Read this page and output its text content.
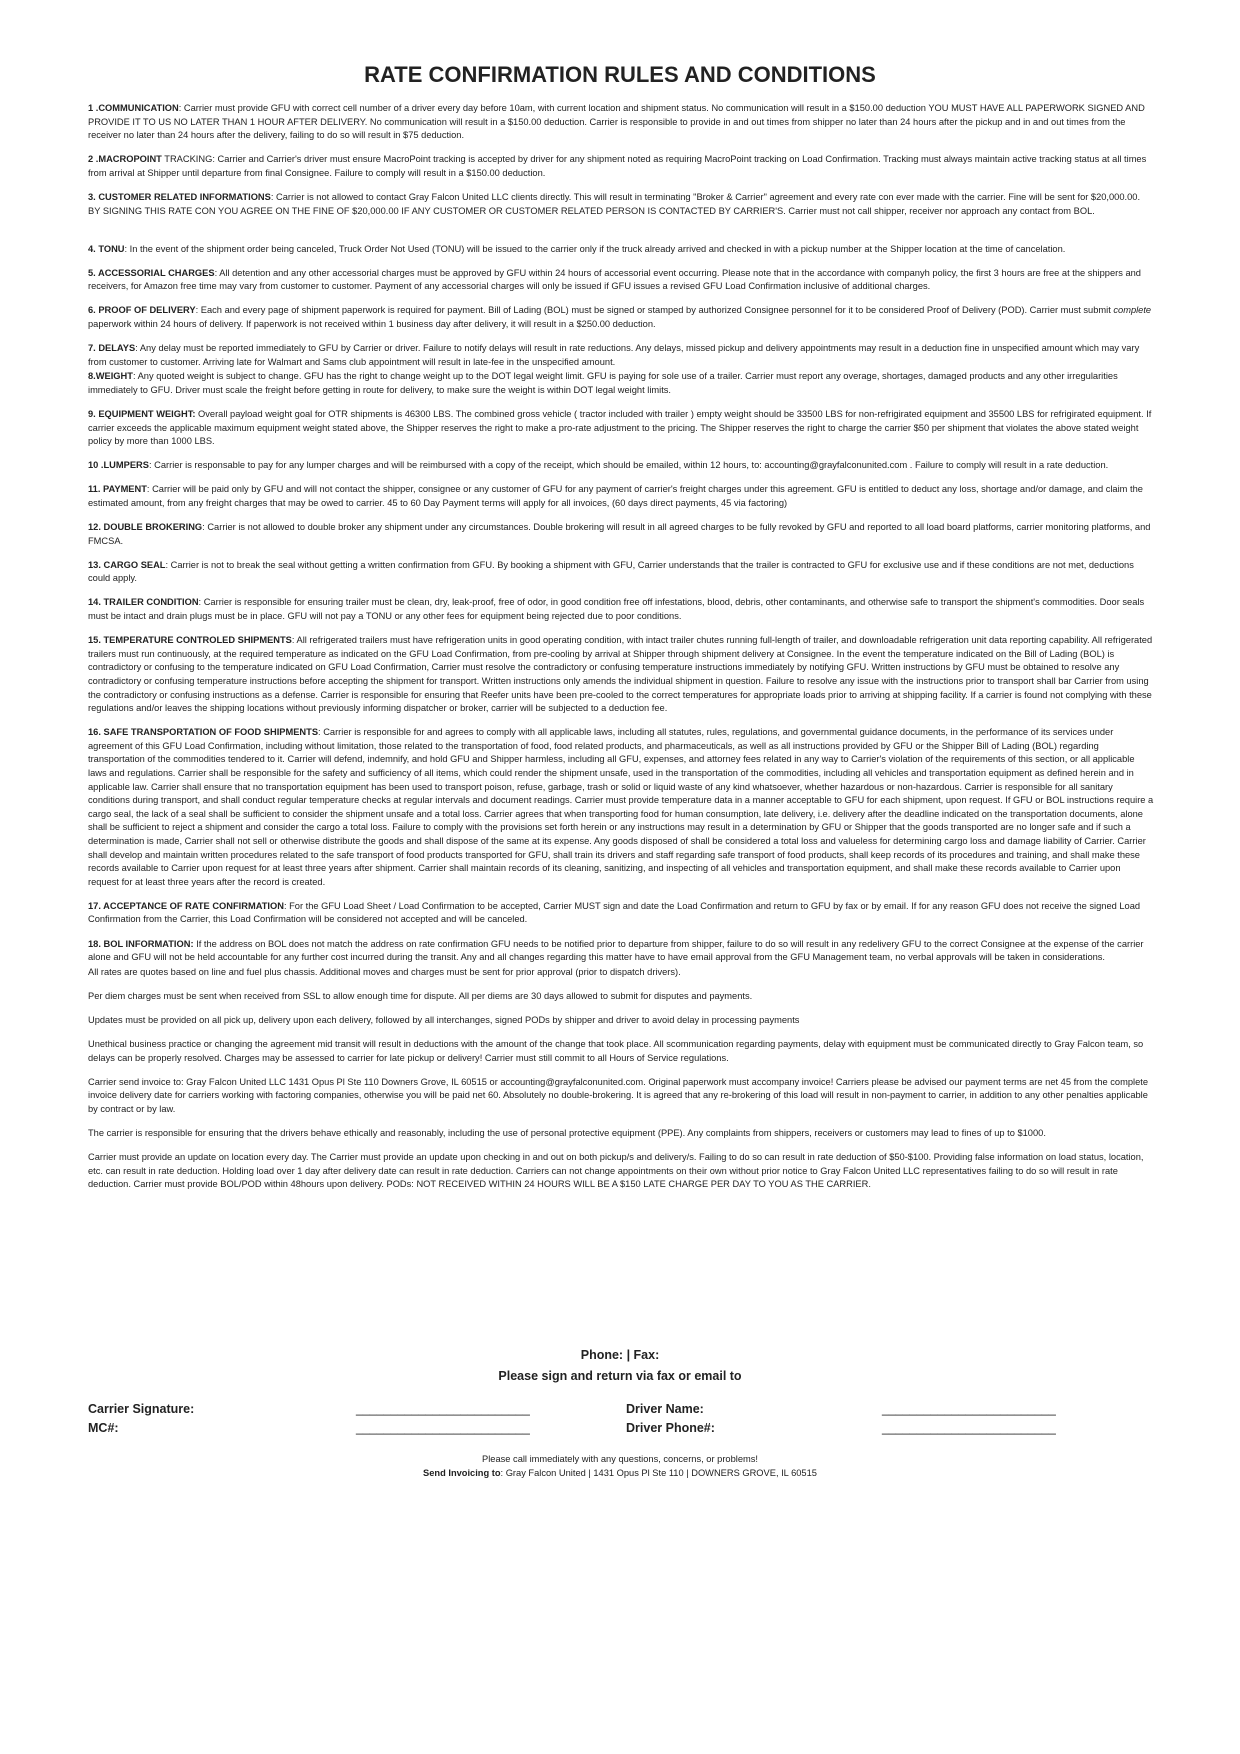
RATE CONFIRMATION RULES AND CONDITIONS

1 .COMMUNICATION: Carrier must provide GFU with correct cell number of a driver every day before 10am, with current location and shipment status. No communication will result in a $150.00 deduction YOU MUST HAVE ALL PAPERWORK SIGNED AND PROVIDE IT TO US NO LATER THAN 1 HOUR AFTER DELIVERY. No communication will result in a $150.00 deduction. Carrier is responsible to provide in and out times from shipper no later than 24 hours after the pickup and in and out times from the receiver no later than 24 hours after the delivery, failing to do so will result in $75 deduction.

2 .MACROPOINT TRACKING: Carrier and Carrier's driver must ensure MacroPoint tracking is accepted by driver for any shipment noted as requiring MacroPoint tracking on Load Confirmation. Tracking must always maintain active tracking status at all times from arrival at Shipper until departure from final Consignee. Failure to comply will result in a $150.00 deduction.

3. CUSTOMER RELATED INFORMATIONS: Carrier is not allowed to contact Gray Falcon United LLC clients directly. This will result in terminating "Broker & Carrier" agreement and every rate con ever made with the carrier. Fine will be sent for $20,000.00. BY SIGNING THIS RATE CON YOU AGREE ON THE FINE OF $20,000.00 IF ANY CUSTOMER OR CUSTOMER RELATED PERSON IS CONTACTED BY CARRIER'S. Carrier must not call shipper, receiver nor approach any contact from BOL.

4. TONU: In the event of the shipment order being canceled, Truck Order Not Used (TONU) will be issued to the carrier only if the truck already arrived and checked in with a pickup number at the Shipper location at the time of cancelation.

5. ACCESSORIAL CHARGES: All detention and any other accessorial charges must be approved by GFU within 24 hours of accessorial event occurring. Please note that in the accordance with companyh policy, the first 3 hours are free at the shippers and receivers, for Amazon free time may vary from customer to customer. Payment of any accessorial charges will only be issued if GFU issues a revised GFU Load Confirmation inclusive of additional charges.

6. PROOF OF DELIVERY: Each and every page of shipment paperwork is required for payment. Bill of Lading (BOL) must be signed or stamped by authorized Consignee personnel for it to be considered Proof of Delivery (POD). Carrier must submit complete paperwork within 24 hours of delivery. If paperwork is not received within 1 business day after delivery, it will result in a $250.00 deduction.

7. DELAYS: Any delay must be reported immediately to GFU by Carrier or driver. Failure to notify delays will result in rate reductions. Any delays, missed pickup and delivery appointments may result in a deduction fine in unspecified amount which may vary from customer to customer. Arriving late for Walmart and Sams club appointment will result in late-fee in the unspecified amount.

8.WEIGHT: Any quoted weight is subject to change. GFU has the right to change weight up to the DOT legal weight limit. GFU is paying for sole use of a trailer. Carrier must report any overage, shortages, damaged products and any other irregularities immediately to GFU. Driver must scale the freight before getting in route for delivery, to make sure the weight is within DOT legal weight limits.

9. EQUIPMENT WEIGHT: Overall payload weight goal for OTR shipments is 46300 LBS. The combined gross vehicle ( tractor included with trailer ) empty weight should be 33500 LBS for non-refrigirated equipment and 35500 LBS for refrigirated equipment. If carrier exceeds the applicable maximum equipment weight stated above, the Shipper reserves the right to make a pro-rate adjustment to the pricing. The Shipper reserves the right to charge the carrier $50 per shipment that violates the above stated weight policy by more than 1000 LBS.

10 .LUMPERS: Carrier is responsable to pay for any lumper charges and will be reimbursed with a copy of the receipt, which should be emailed, within 12 hours, to: accounting@grayfalconunited.com . Failure to comply will result in a rate deduction.

11. PAYMENT: Carrier will be paid only by GFU and will not contact the shipper, consignee or any customer of GFU for any payment of carrier's freight charges under this agreement. GFU is entitled to deduct any loss, shortage and/or damage, and claim the estimated amount, from any freight charges that may be owed to carrier. 45 to 60 Day Payment terms will apply for all invoices, (60 days direct payments, 45 via factoring)

12. DOUBLE BROKERING: Carrier is not allowed to double broker any shipment under any circumstances. Double brokering will result in all agreed charges to be fully revoked by GFU and reported to all load board platforms, carrier monitoring platforms, and FMCSA.

13. CARGO SEAL: Carrier is not to break the seal without getting a written confirmation from GFU. By booking a shipment with GFU, Carrier understands that the trailer is contracted to GFU for exclusive use and if these conditions are not met, deductions could apply.

14. TRAILER CONDITION: Carrier is responsible for ensuring trailer must be clean, dry, leak-proof, free of odor, in good condition free off infestations, blood, debris, other contaminants, and otherwise safe to transport the shipment's commodities. Door seals must be intact and drain plugs must be in place. GFU will not pay a TONU or any other fees for equipment being rejected due to poor conditions.

15. TEMPERATURE CONTROLED SHIPMENTS: All refrigerated trailers must have refrigeration units in good operating condition, with intact trailer chutes running full-length of trailer, and downloadable refrigeration unit data reporting capability. All refrigerated trailers must run continuously, at the required temperature as indicated on the GFU Load Confirmation, from pre-cooling by arrival at Shipper through shipment delivery at Consignee. In the event the temperature indicated on the Bill of Lading (BOL) is contradictory or confusing to the temperature indicated on GFU Load Confirmation, Carrier must resolve the contradictory or confusing temperature instructions immediately by notifying GFU. Written instructions by GFU must be obtained to resolve any contradictory or confusing temperature instructions before accepting the shipment for transport. Written instructions only amends the individual shipment in question. Failure to resolve any issue with the instructions prior to transport shall bar Carrier from using the contradictory or confusing instructions as a defense. Carrier is responsible for ensuring that Reefer units have been pre-cooled to the correct temperatures for appropriate loads prior to arriving at shipping facility. If a carrier is found not complying with these regulations and/or leaves the shipping locations without previously informing dispatcher or broker, carrier will be subjected to a deduction fee.

16. SAFE TRANSPORTATION OF FOOD SHIPMENTS: Carrier is responsible for and agrees to comply with all applicable laws, including all statutes, rules, regulations, and governmental guidance documents, in the performance of its services under agreement of this GFU Load Confirmation, including without limitation, those related to the transportation of food, food related products, and pharmaceuticals, as well as all instructions provided by GFU or the Shipper Bill of Lading (BOL) regarding transportation of the commodities tendered to it. Carrier will defend, indemnify, and hold GFU and Shipper harmless, including all GFU, expenses, and attorney fees related in any way to Carrier's violation of the requirements of this section, or all applicable laws and regulations. Carrier shall be responsible for the safety and sufficiency of all items, which could render the shipment unsafe, used in the transportation of the commodities, including all vehicles and transportation equipment as defined herein and in applicable law. Carrier shall ensure that no transportation equipment has been used to transport poison, refuse, garbage, trash or solid or liquid waste of any kind whatsoever, whether hazardous or non-hazardous. Carrier is responsible for all sanitary conditions during transport, and shall conduct regular temperature checks at regular intervals and document readings. Carrier must provide temperature data in a manner acceptable to GFU for each shipment, upon request. If GFU or BOL instructions require a cargo seal, the lack of a seal shall be sufficient to consider the shipment unsafe and a total loss. Carrier agrees that when transporting food for human consumption, late delivery, i.e. delivery after the deadline indicated on the transportation documents, alone shall be sufficient to reject a shipment and consider the cargo a total loss. Failure to comply with the provisions set forth herein or any instructions may result in a determination by GFU or Shipper that the goods transported are no longer safe and if such a determination is made, Carrier shall not sell or otherwise distribute the goods and shall dispose of the same at its expense. Any goods disposed of shall be considered a total loss and valueless for determining cargo loss and damage liability of Carrier. Carrier shall develop and maintain written procedures related to the safe transport of food products transported for GFU, shall train its drivers and staff regarding safe transport of food products, shall keep records of its procedures and training, and shall make these records available to Carrier upon request for at least three years after shipment. Carrier shall maintain records of its cleaning, sanitizing, and inspecting of all vehicles and transportation equipment, and shall make these records available to Carrier upon request for at least three years after the record is created.

17. ACCEPTANCE OF RATE CONFIRMATION: For the GFU Load Sheet / Load Confirmation to be accepted, Carrier MUST sign and date the Load Confirmation and return to GFU by fax or by email. If for any reason GFU does not receive the signed Load Confirmation from the Carrier, this Load Confirmation will be considered not accepted and will be canceled.

18. BOL INFORMATION: If the address on BOL does not match the address on rate confirmation GFU needs to be notified prior to departure from shipper, failure to do so will result in any redelivery GFU to the correct Consignee at the expense of the carrier alone and GFU will not be held accountable for any further cost incurred during the transit. Any and all changes regarding this matter have to have email approval from the GFU Management team, no verbal approvals will be taken in considerations.

All rates are quotes based on line and fuel plus chassis. Additional moves and charges must be sent for prior approval (prior to dispatch drivers).

Per diem charges must be sent when received from SSL to allow enough time for dispute. All per diems are 30 days allowed to submit for disputes and payments.

Updates must be provided on all pick up, delivery upon each delivery, followed by all interchanges, signed PODs by shipper and driver to avoid delay in processing payments

Unethical business practice or changing the agreement mid transit will result in deductions with the amount of the change that took place. All scommunication regarding payments, delay with equipment must be communicated directly to Gray Falcon team, so delays can be properly resolved. Charges may be assessed to carrier for late pickup or delivery! Carrier must still commit to all Hours of Service regulations.

Carrier send invoice to: Gray Falcon United LLC 1431 Opus Pl Ste 110 Downers Grove, IL 60515 or accounting@grayfalconunited.com. Original paperwork must accompany invoice! Carriers please be advised our payment terms are net 45 from the complete invoice delivery date for carriers working with factoring companies, otherwise you will be paid net 60. Absolutely no double-brokering. It is agreed that any re-brokering of this load will result in non-payment to carrier, in addition to any other penalties applicable by contract or by law.

The carrier is responsible for ensuring that the drivers behave ethically and reasonably, including the use of personal protective equipment (PPE). Any complaints from shippers, receivers or customers may lead to fines of up to $1000.

Carrier must provide an update on location every day. The Carrier must provide an update upon checking in and out on both pickup/s and delivery/s. Failing to do so can result in rate deduction of $50-$100. Providing false information on load status, location, etc. can result in rate deduction. Holding load over 1 day after delivery date can result in rate deduction. Carriers can not change appointments on their own without prior notice to Gray Falcon United LLC representatives failing to do so will result in rate deduction. Carrier must provide BOL/POD within 48hours upon delivery. PODs: NOT RECEIVED WITHIN 24 HOURS WILL BE A $150 LATE CHARGE PER DAY TO YOU AS THE CARRIER.

Phone: | Fax:
Please sign and return via fax or email to
Carrier Signature:	_________________________	Driver Name:	_________________________
MC#:	_________________________	Driver Phone#:	_________________________
Please call immediately with any questions, concerns, or problems!
Send Invoicing to: Gray Falcon United | 1431 Opus Pl Ste 110 | DOWNERS GROVE, IL 60515
